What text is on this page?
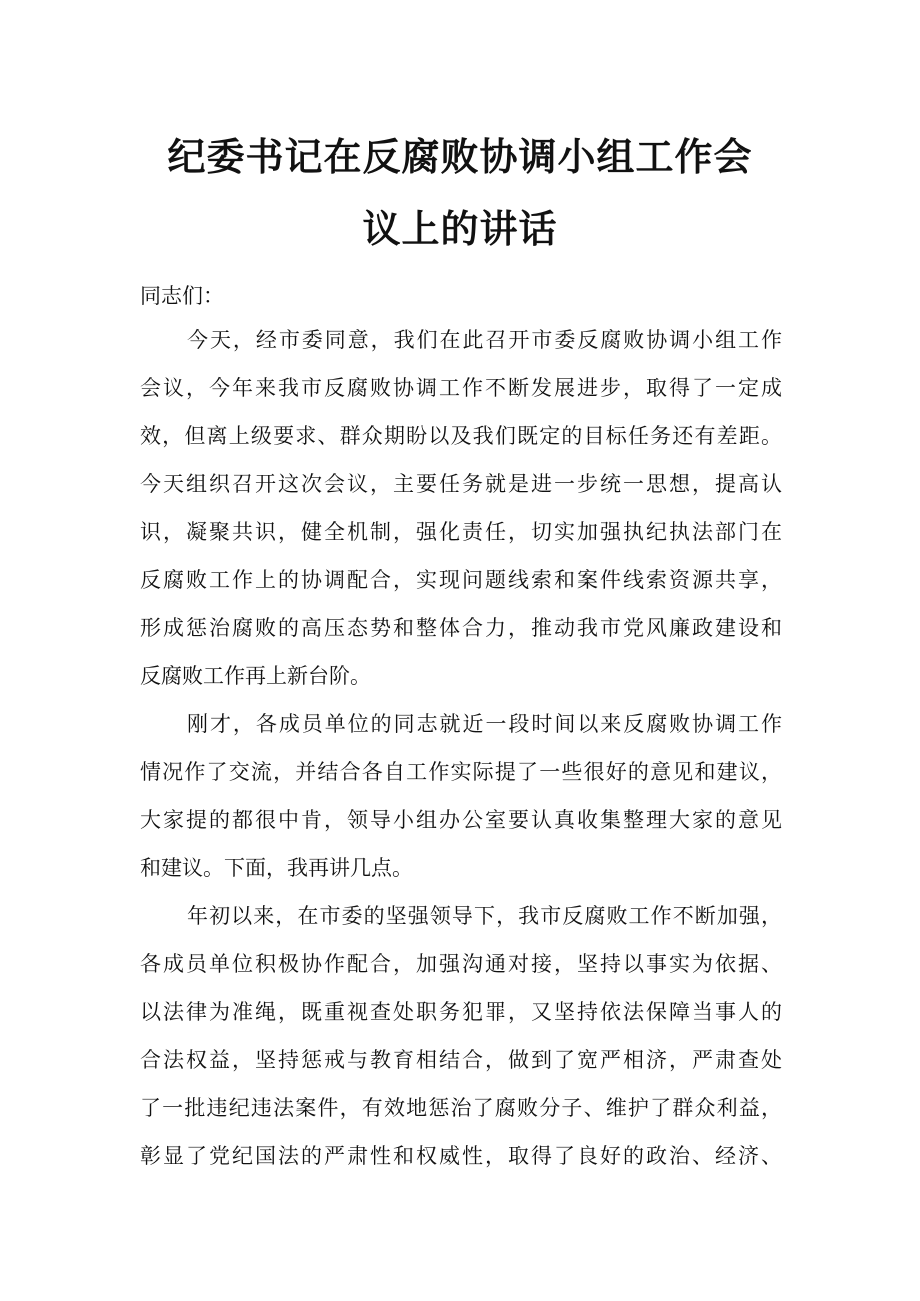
纪委书记在反腐败协调小组工作会
议上的讲话
同志们：
今天，经市委同意，我们在此召开市委反腐败协调小组工作
会议，今年来我市反腐败协调工作不断发展进步，取得了一定成
效，但离上级要求、群众期盼以及我们既定的目标任务还有差距。
今天组织召开这次会议，主要任务就是进一步统一思想，提高认
识，凝聚共识，健全机制，强化责任，切实加强执纪执法部门在
反腐败工作上的协调配合，实现问题线索和案件线索资源共享，
形成惩治腐败的高压态势和整体合力，推动我市党风廉政建设和
反腐败工作再上新台阶。
刚才，各成员单位的同志就近一段时间以来反腐败协调工作
情况作了交流，并结合各自工作实际提了一些很好的意见和建议，
大家提的都很中肯，领导小组办公室要认真收集整理大家的意见
和建议。下面，我再讲几点。
年初以来，在市委的坚强领导下，我市反腐败工作不断加强，
各成员单位积极协作配合，加强沟通对接，坚持以事实为依据、
以法律为准绳，既重视查处职务犯罪，又坚持依法保障当事人的
合法权益，坚持惩戒与教育相结合，做到了宽严相济，严肃查处
了一批违纪违法案件，有效地惩治了腐败分子、维护了群众利益，
彰显了党纪国法的严肃性和权威性，取得了良好的政治、经济、
